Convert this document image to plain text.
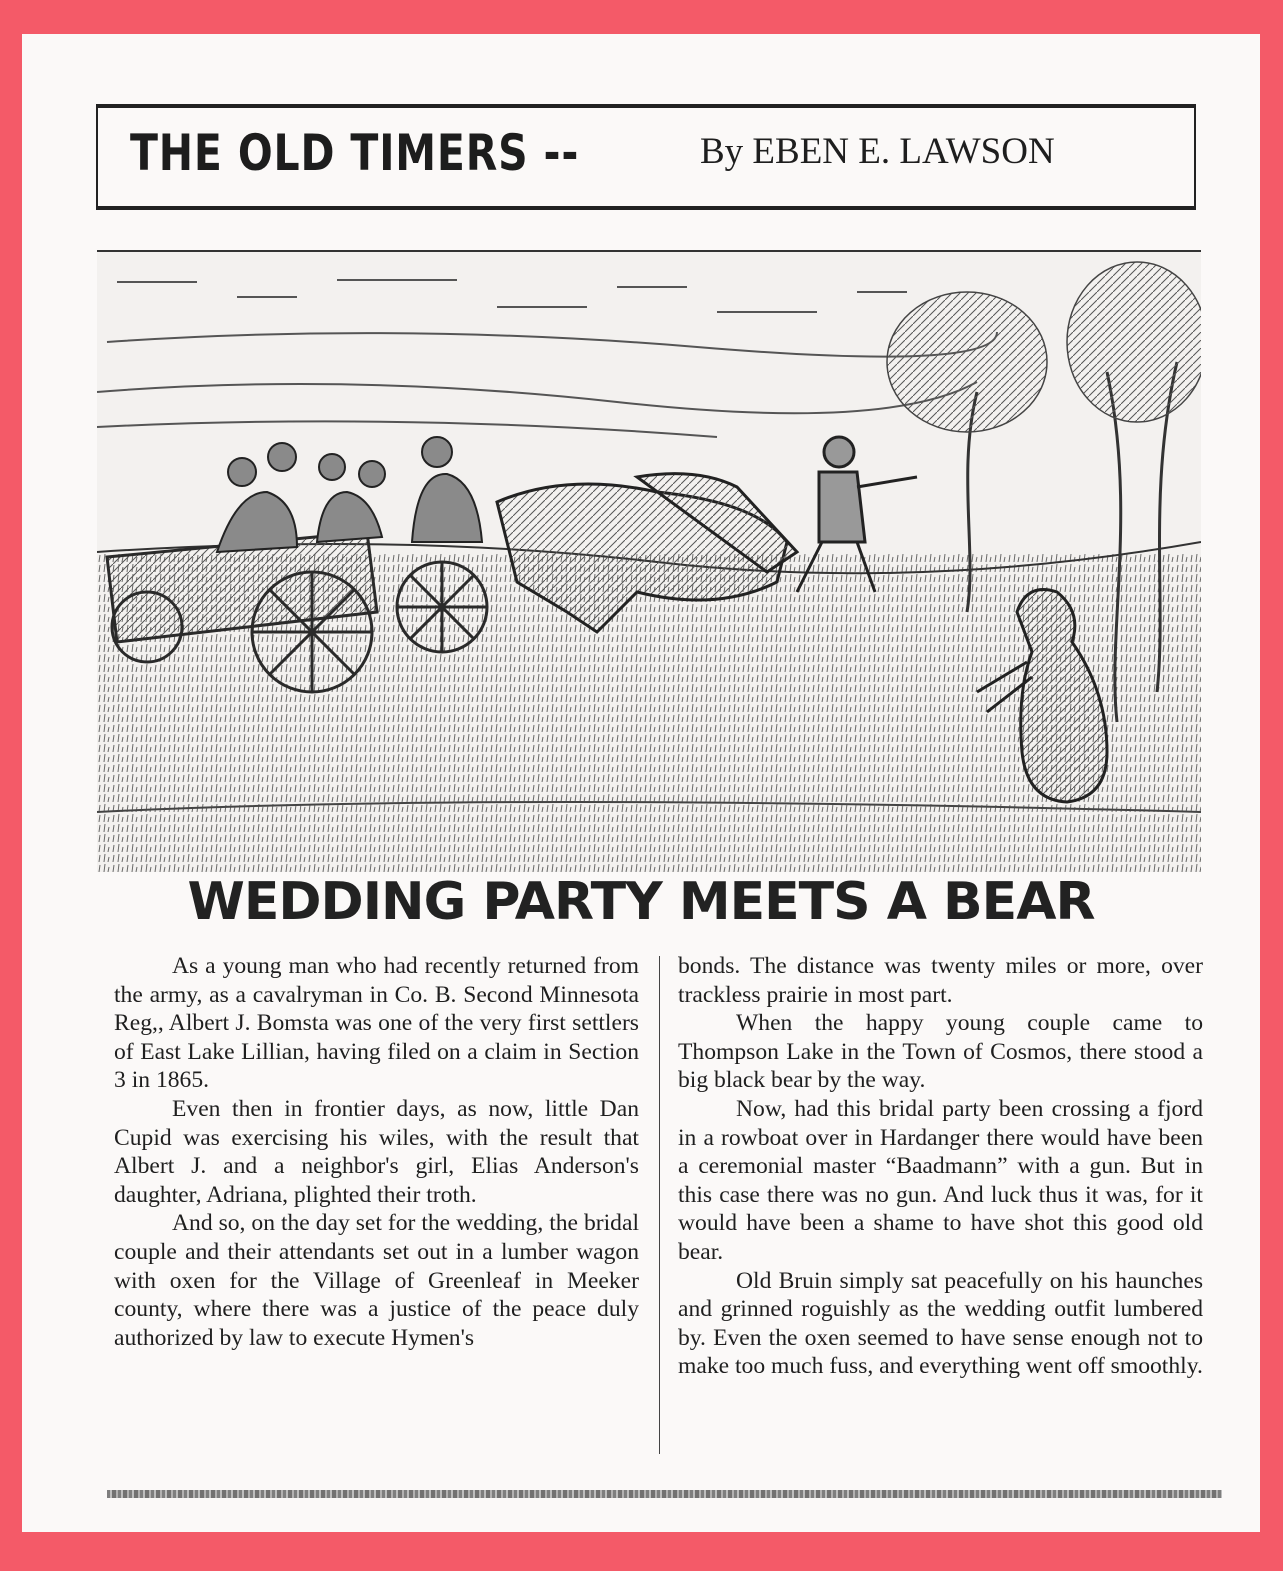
THE OLD TIMERS --	By EBEN E. LAWSON
WEDDING PARTY MEETS A BEAR

As a young man who had recently returned from the army, as a cavalryman in Co. B. Second Minnesota Reg,, Albert J. Bomsta was one of the very first settlers of East Lake Lillian, having filed on a claim in Section 3 in 1865.

Even then in frontier days, as now, little Dan Cupid was exercising his wiles, with the result that Albert J. and a neighbor's girl, Elias Anderson's daughter, Adriana, plighted their troth.

And so, on the day set for the wedding, the bridal couple and their attendants set out in a lumber wagon with oxen for the Village of Greenleaf in Meeker county, where there was a justice of the peace duly authorized by law to execute Hymen's

bonds. The distance was twenty miles or more, over trackless prairie in most part.

When the happy young couple came to Thompson Lake in the Town of Cosmos, there stood a big black bear by the way.

Now, had this bridal party been crossing a fjord in a rowboat over in Hardanger there would have been a ceremonial master “Baadmann” with a gun. But in this case there was no gun. And luck thus it was, for it would have been a shame to have shot this good old bear.

Old Bruin simply sat peacefully on his haunches and grinned roguishly as the wedding outfit lumbered by. Even the oxen seemed to have sense enough not to make too much fuss, and everything went off smoothly.
